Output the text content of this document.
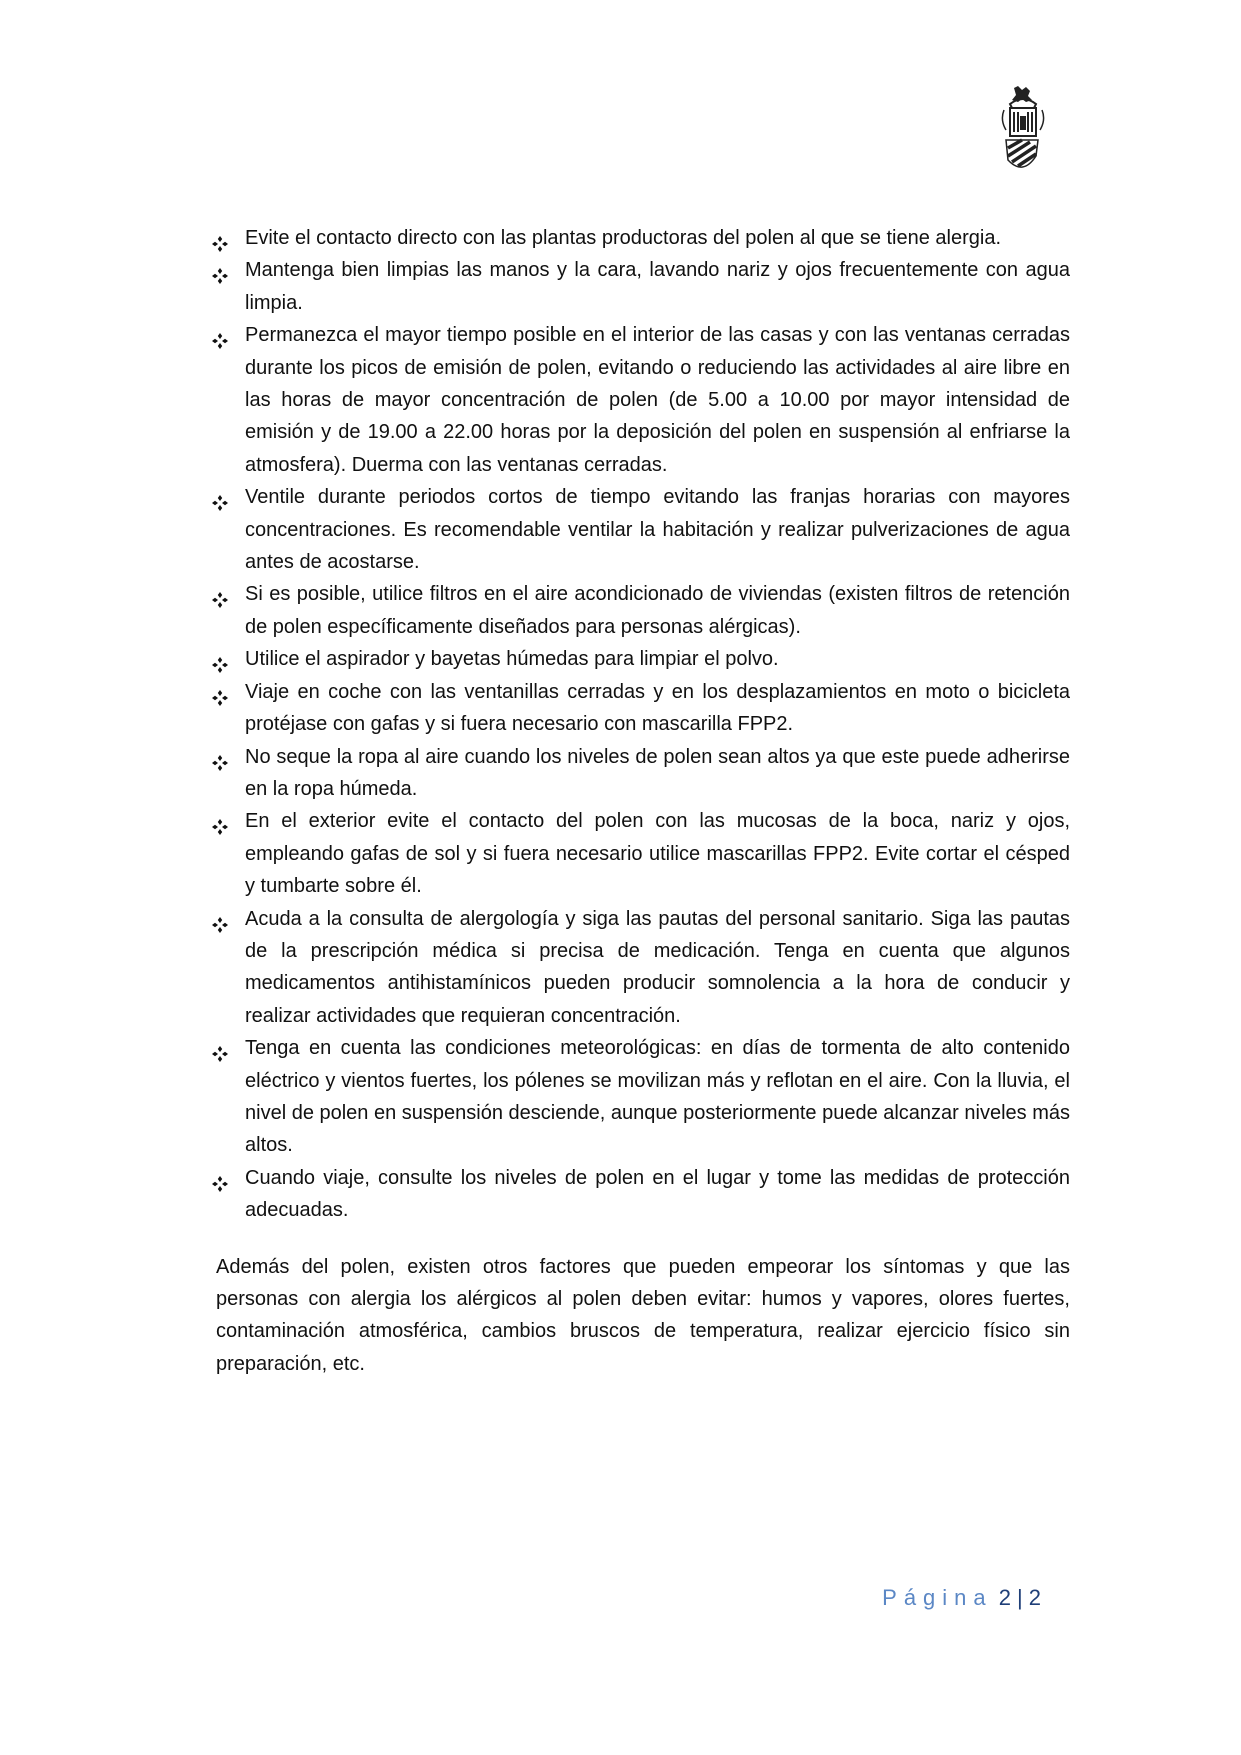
Evite el contacto directo con las plantas productoras del polen al que se tiene alergia.
Mantenga bien limpias las manos y la cara, lavando nariz y ojos frecuentemente con agua limpia.
Permanezca el mayor tiempo posible en el interior de las casas y con las ventanas cerradas durante los picos de emisión de polen, evitando o reduciendo las actividades al aire libre en las horas de mayor concentración de polen (de 5.00 a 10.00 por mayor intensidad de emisión y de 19.00 a 22.00 horas por la deposición del polen en suspensión al enfriarse la atmosfera). Duerma con las ventanas cerradas.
Ventile durante periodos cortos de tiempo evitando las franjas horarias con mayores concentraciones. Es recomendable ventilar la habitación y realizar pulverizaciones de agua antes de acostarse.
Si es posible, utilice filtros en el aire acondicionado de viviendas (existen filtros de retención de polen específicamente diseñados para personas alérgicas).
Utilice el aspirador y bayetas húmedas para limpiar el polvo.
Viaje en coche con las ventanillas cerradas y en los desplazamientos en moto o bicicleta protéjase con gafas y si fuera necesario con mascarilla FPP2.
No seque la ropa al aire cuando los niveles de polen sean altos ya que este puede adherirse en la ropa húmeda.
En el exterior evite el contacto del polen con las mucosas de la boca, nariz y ojos, empleando gafas de sol y si fuera necesario utilice mascarillas FPP2. Evite cortar el césped y tumbarte sobre él.
Acuda a la consulta de alergología y siga las pautas del personal sanitario. Siga las pautas de la prescripción médica si precisa de medicación. Tenga en cuenta que algunos medicamentos antihistamínicos pueden producir somnolencia a la hora de conducir y realizar actividades que requieran concentración.
Tenga en cuenta las condiciones meteorológicas: en días de tormenta de alto contenido eléctrico y vientos fuertes, los pólenes se movilizan más y reflotan en el aire. Con la lluvia, el nivel de polen en suspensión desciende, aunque posteriormente puede alcanzar niveles más altos.
Cuando viaje, consulte los niveles de polen en el lugar y tome las medidas de protección adecuadas.

Además del polen, existen otros factores que pueden empeorar los síntomas y que las personas con alergia los alérgicos al polen deben evitar: humos y vapores, olores fuertes, contaminación atmosférica, cambios bruscos de temperatura, realizar ejercicio físico sin preparación, etc.

Página 2 | 2
